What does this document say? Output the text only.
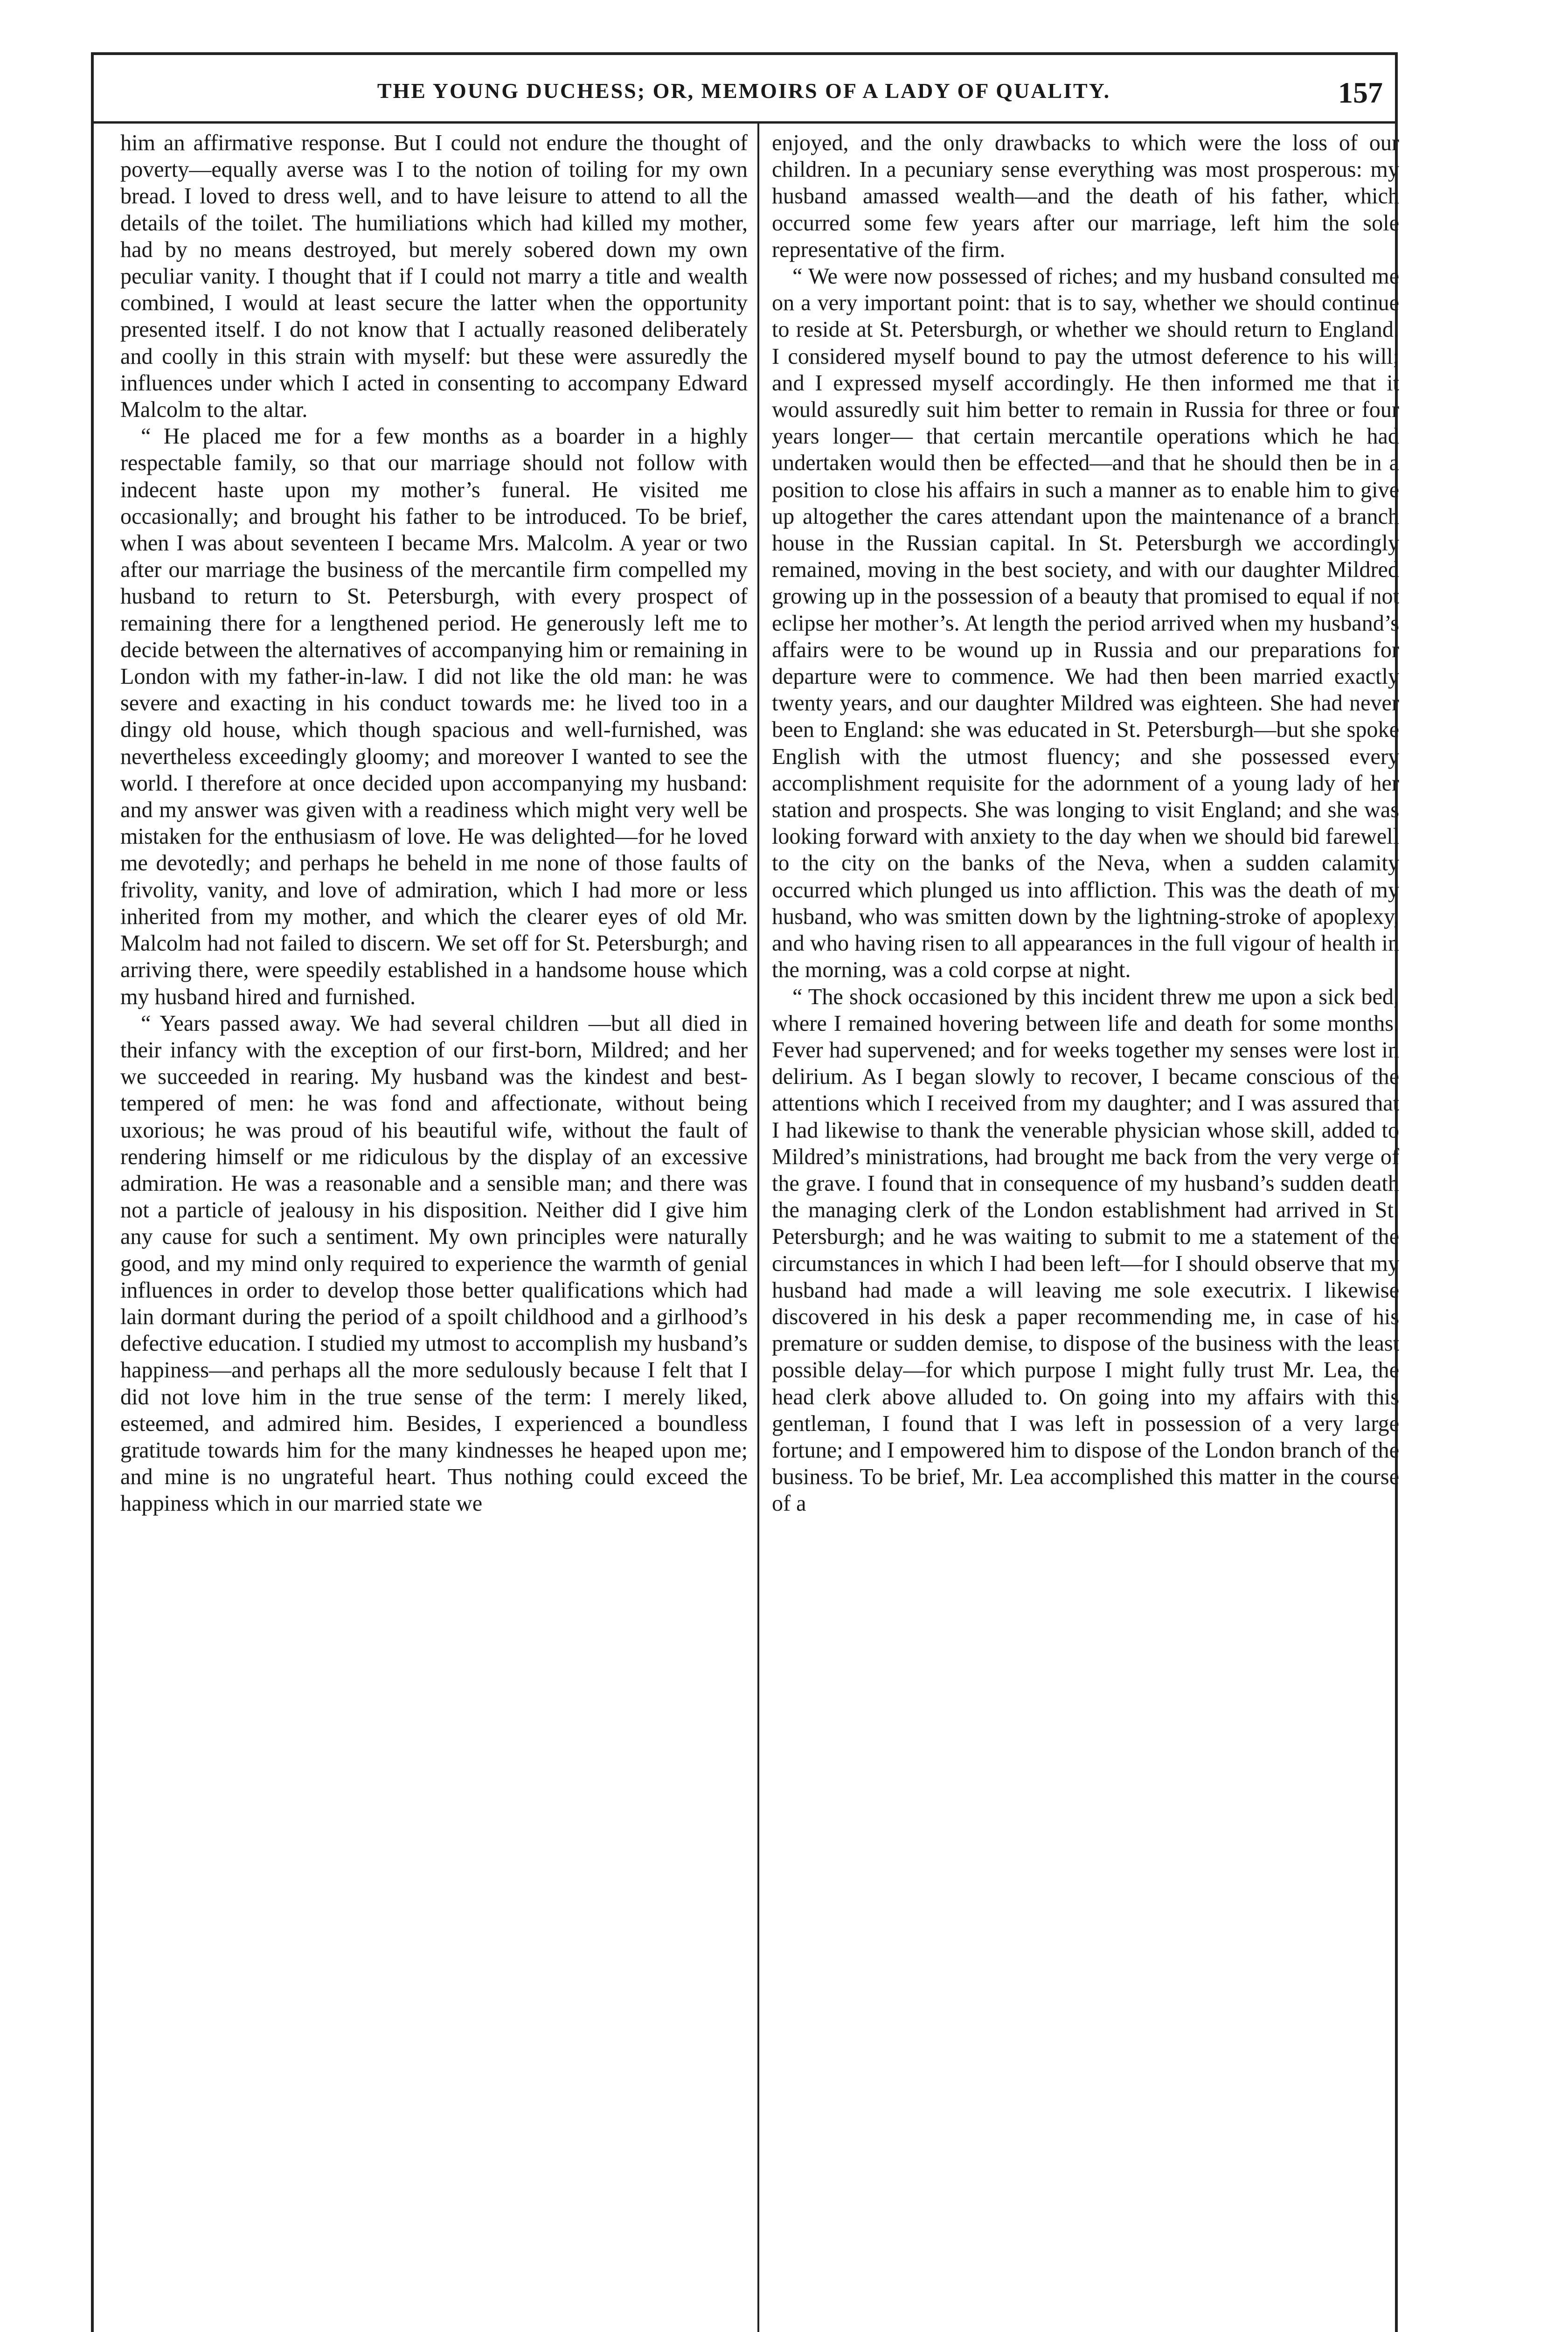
THE YOUNG DUCHESS; OR, MEMOIRS OF A LADY OF QUALITY.	157

him an affirmative response. But I could not endure the thought of poverty—equally averse was I to the notion of toiling for my own bread. I loved to dress well, and to have leisure to attend to all the details of the toilet. The humiliations which had killed my mother, had by no means destroyed, but merely sobered down my own peculiar vanity. I thought that if I could not marry a title and wealth combined, I would at least secure the latter when the opportunity presented itself. I do not know that I actually reasoned deliberately and coolly in this strain with myself: but these were assuredly the influences under which I acted in consenting to accompany Edward Malcolm to the altar.

“ He placed me for a few months as a boarder in a highly respectable family, so that our marriage should not follow with indecent haste upon my mother’s funeral. He visited me occasionally; and brought his father to be introduced. To be brief, when I was about seventeen I became Mrs. Malcolm. A year or two after our marriage the business of the mercantile firm compelled my husband to return to St. Petersburgh, with every prospect of remaining there for a lengthened period. He generously left me to decide between the alternatives of accompanying him or remaining in London with my father-in-law. I did not like the old man: he was severe and exacting in his conduct towards me: he lived too in a dingy old house, which though spacious and well-furnished, was nevertheless exceedingly gloomy; and moreover I wanted to see the world. I therefore at once decided upon accompanying my husband: and my answer was given with a readiness which might very well be mistaken for the enthusiasm of love. He was delighted—for he loved me devotedly; and perhaps he beheld in me none of those faults of frivolity, vanity, and love of admiration, which I had more or less inherited from my mother, and which the clearer eyes of old Mr. Malcolm had not failed to discern. We set off for St. Petersburgh; and arriving there, were speedily established in a handsome house which my husband hired and furnished.

“ Years passed away. We had several children —but all died in their infancy with the exception of our first-born, Mildred; and her we succeeded in rearing. My husband was the kindest and best-tempered of men: he was fond and affectionate, without being uxorious; he was proud of his beautiful wife, without the fault of rendering himself or me ridiculous by the display of an excessive admiration. He was a reasonable and a sensible man; and there was not a particle of jealousy in his disposition. Neither did I give him any cause for such a sentiment. My own principles were naturally good, and my mind only required to experience the warmth of genial influences in order to develop those better qualifications which had lain dormant during the period of a spoilt childhood and a girlhood’s defective education. I studied my utmost to accomplish my husband’s happiness—and perhaps all the more sedulously because I felt that I did not love him in the true sense of the term: I merely liked, esteemed, and admired him. Besides, I experienced a boundless gratitude towards him for the many kindnesses he heaped upon me; and mine is no ungrateful heart. Thus nothing could exceed the happiness which in our married state we

enjoyed, and the only drawbacks to which were the loss of our children. In a pecuniary sense everything was most prosperous: my husband amassed wealth—and the death of his father, which occurred some few years after our marriage, left him the sole representative of the firm.

“ We were now possessed of riches; and my husband consulted me on a very important point: that is to say, whether we should continue to reside at St. Petersburgh, or whether we should return to England. I considered myself bound to pay the utmost deference to his will; and I expressed myself accordingly. He then informed me that it would assuredly suit him better to remain in Russia for three or four years longer— that certain mercantile operations which he had undertaken would then be effected—and that he should then be in a position to close his affairs in such a manner as to enable him to give up altogether the cares attendant upon the maintenance of a branch house in the Russian capital. In St. Petersburgh we accordingly remained, moving in the best society, and with our daughter Mildred growing up in the possession of a beauty that promised to equal if not eclipse her mother’s. At length the period arrived when my husband’s affairs were to be wound up in Russia and our preparations for departure were to commence. We had then been married exactly twenty years, and our daughter Mildred was eighteen. She had never been to England: she was educated in St. Petersburgh—but she spoke English with the utmost fluency; and she possessed every accomplishment requisite for the adornment of a young lady of her station and prospects. She was longing to visit England; and she was looking forward with anxiety to the day when we should bid farewell to the city on the banks of the Neva, when a sudden calamity occurred which plunged us into affliction. This was the death of my husband, who was smitten down by the lightning-stroke of apoplexy, and who having risen to all appearances in the full vigour of health in the morning, was a cold corpse at night.

“ The shock occasioned by this incident threw me upon a sick bed, where I remained hovering between life and death for some months. Fever had supervened; and for weeks together my senses were lost in delirium. As I began slowly to recover, I became conscious of the attentions which I received from my daughter; and I was assured that I had likewise to thank the venerable physician whose skill, added to Mildred’s ministrations, had brought me back from the very verge of the grave. I found that in consequence of my husband’s sudden death the managing clerk of the London establishment had arrived in St. Petersburgh; and he was waiting to submit to me a statement of the circumstances in which I had been left—for I should observe that my husband had made a will leaving me sole executrix. I likewise discovered in his desk a paper recommending me, in case of his premature or sudden demise, to dispose of the business with the least possible delay—for which purpose I might fully trust Mr. Lea, the head clerk above alluded to. On going into my affairs with this gentleman, I found that I was left in possession of a very large fortune; and I empowered him to dispose of the London branch of the business. To be brief, Mr. Lea accomplished this matter in the course of a
